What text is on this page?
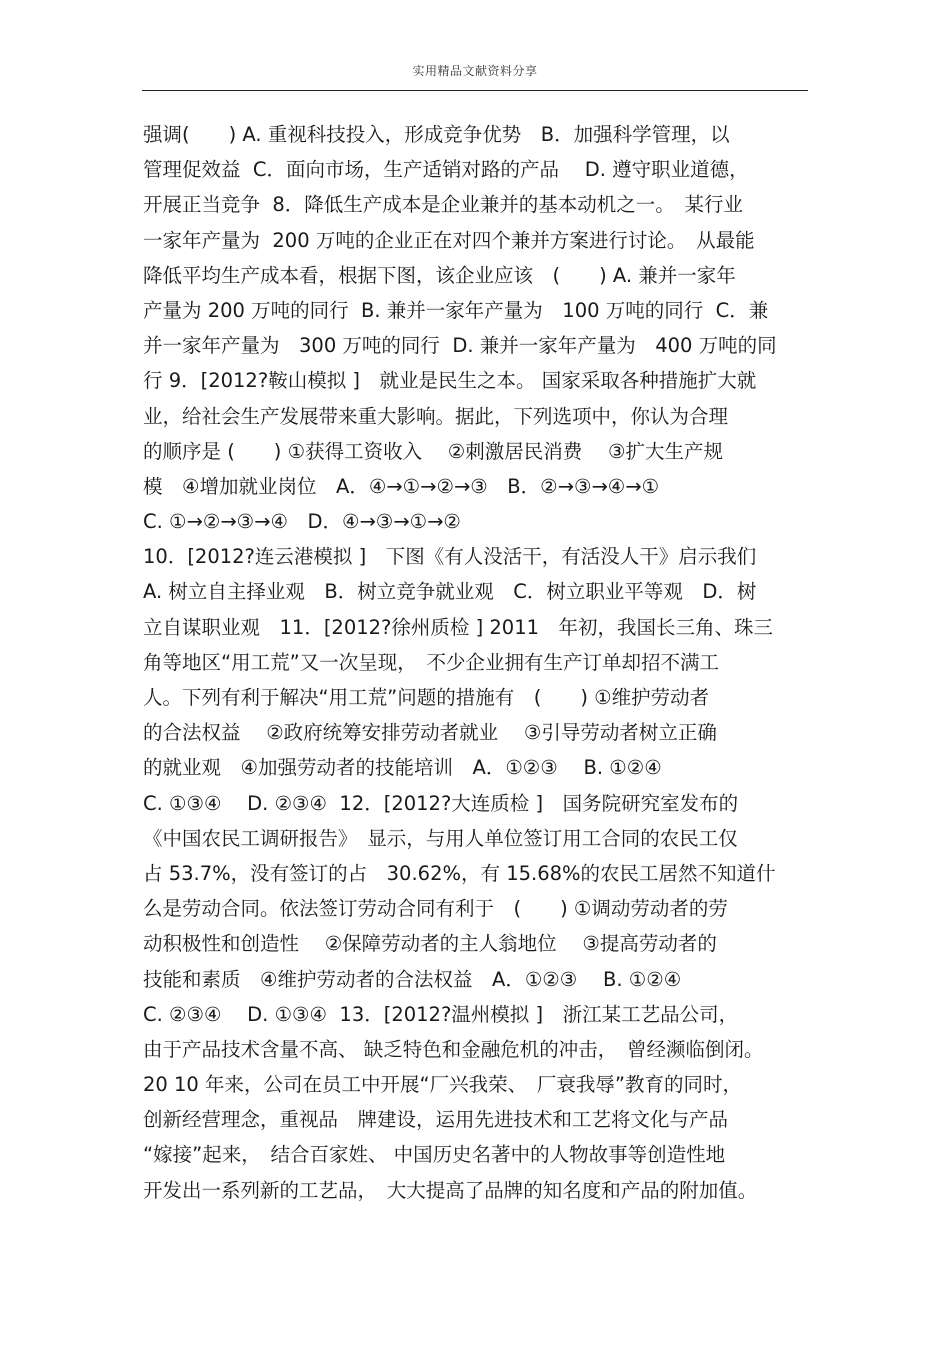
实用精品文献资料分享
强调(　　) A. 重视科技投入，形成竞争优势　B．加强科学管理，以
管理促效益  C．面向市场，生产适销对路的产品　 D. 遵守职业道德，
开展正当竞争  8．降低生产成本是企业兼并的基本动机之一。　某行业
一家年产量为  200 万吨的企业正在对四个兼并方案进行讨论。　从最能
降低平均生产成本看，根据下图，该企业应该　(　　) A. 兼并一家年
产量为 200 万吨的同行  B. 兼并一家年产量为　100 万吨的同行  C．兼
并一家年产量为　300 万吨的同行  D. 兼并一家年产量为　400 万吨的同
行 9．[2012?鞍山模拟 ]　就业是民生之本。 国家采取各种措施扩大就
业，给社会生产发展带来重大影响。据此，下列选项中，你认为合理
的顺序是 (　　) ①获得工资收入　 ②刺激居民消费　 ③扩大生产规
模　④增加就业岗位　A．④→①→②→③　B．②→③→④→①
C. ①→②→③→④　D．④→③→①→②
10．[2012?连云港模拟 ]　下图《有人没活干，有活没人干》启示我们
A. 树立自主择业观　B．树立竞争就业观　C．树立职业平等观　D．树
立自谋职业观　11．[2012?徐州质检 ] 2011　年初，我国长三角、珠三
角等地区“用工荒”又一次呈现，　不少企业拥有生产订单却招不满工
人。下列有利于解决“用工荒”问题的措施有　(　　) ①维护劳动者
的合法权益　 ②政府统筹安排劳动者就业　 ③引导劳动者树立正确
的就业观　④加强劳动者的技能培训　A．①②③　 B. ①②④
C. ①③④　 D. ②③④  12．[2012?大连质检 ]　国务院研究室发布的
《中国农民工调研报告》　显示，与用人单位签订用工合同的农民工仅
占 53.7%，没有签订的占　30.62%，有 15.68%的农民工居然不知道什
么是劳动合同。依法签订劳动合同有利于　(　　) ①调动劳动者的劳
动积极性和创造性　 ②保障劳动者的主人翁地位　 ③提高劳动者的
技能和素质　④维护劳动者的合法权益　A．①②③　 B. ①②④
C. ②③④　 D. ①③④  13．[2012?温州模拟 ]　浙江某工艺品公司，
由于产品技术含量不高、 缺乏特色和金融危机的冲击，　曾经濒临倒闭。
20 10 年来，公司在员工中开展“厂兴我荣、　厂衰我辱”教育的同时，
创新经营理念，重视品　牌建设，运用先进技术和工艺将文化与产品
“嫁接”起来，　结合百家姓、 中国历史名著中的人物故事等创造性地
开发出一系列新的工艺品，　大大提高了品牌的知名度和产品的附加值。
